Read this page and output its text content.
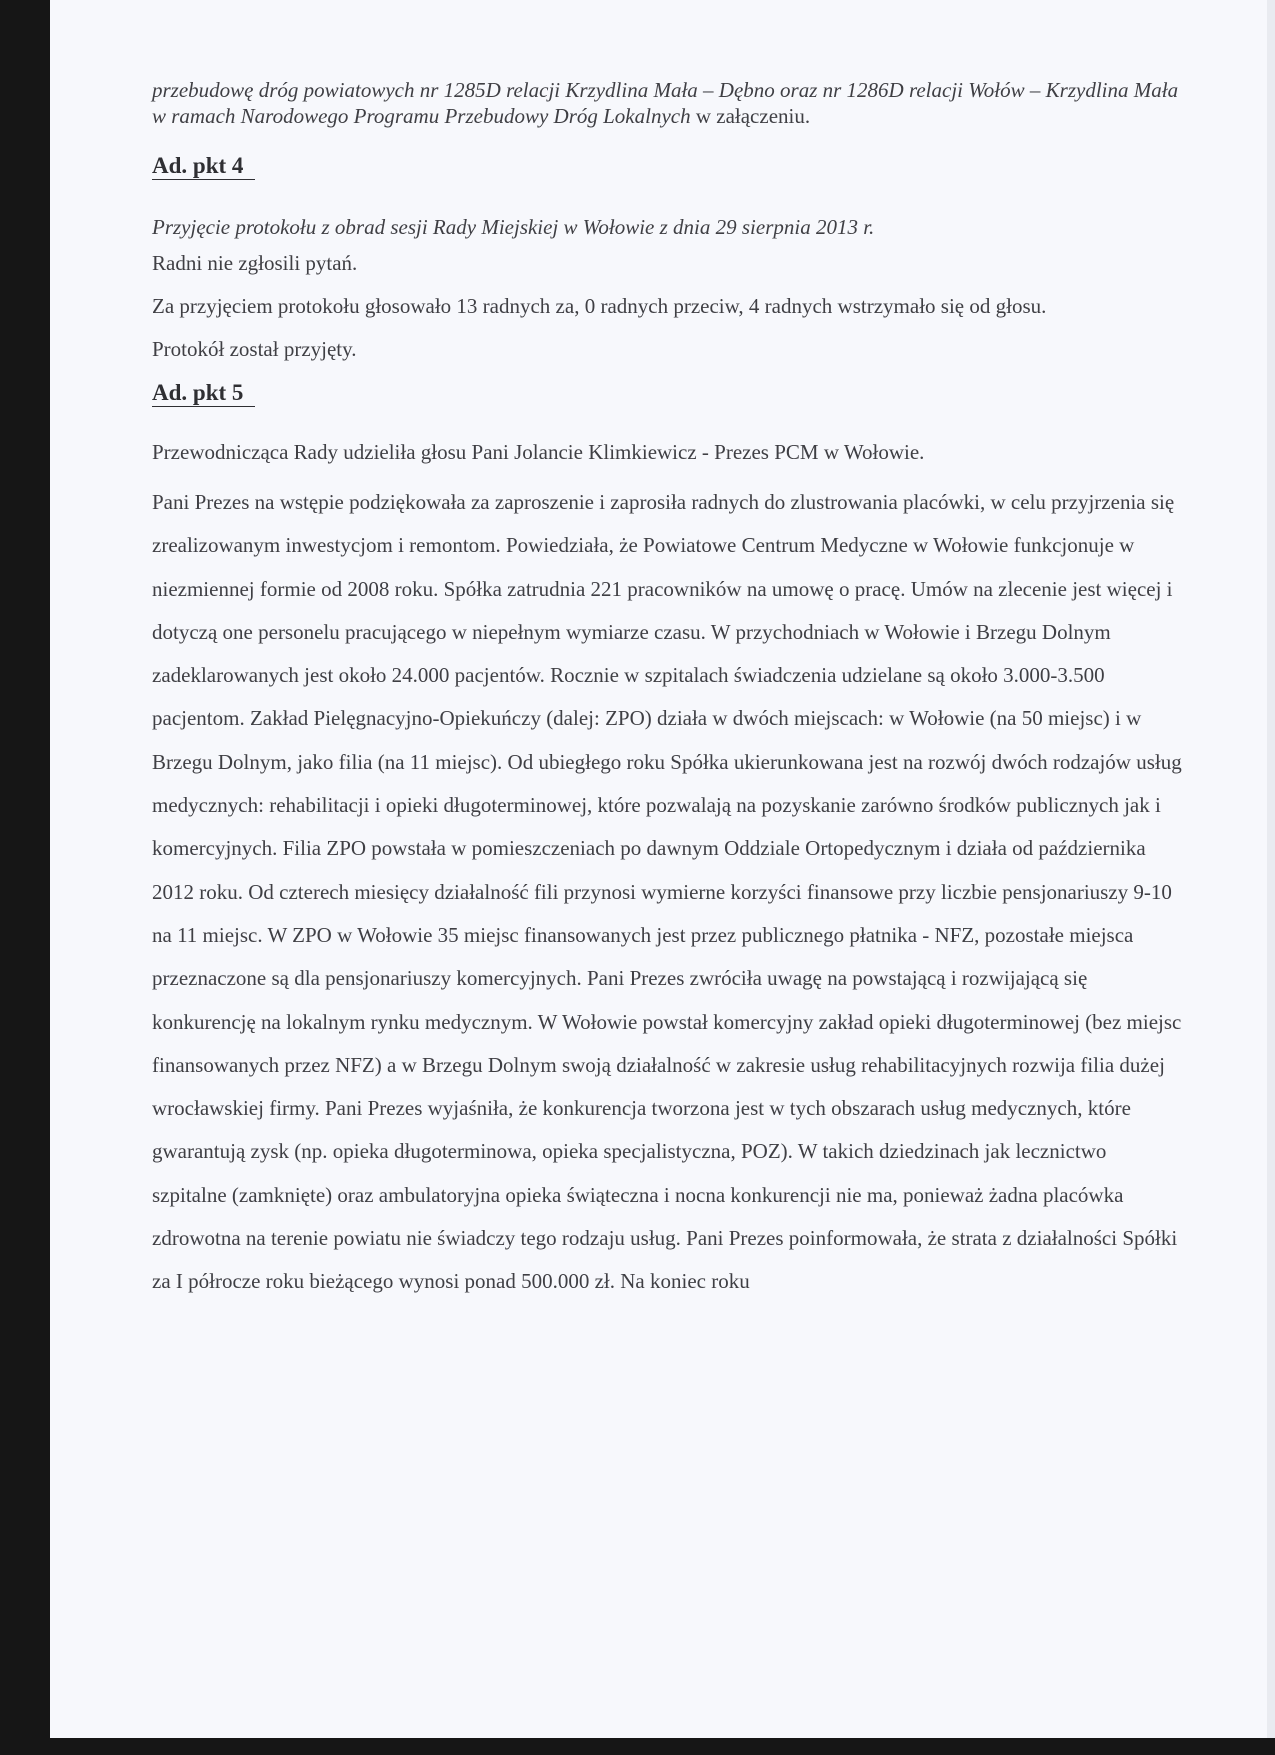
przebudowę dróg powiatowych nr 1285D relacji Krzydlina Mała – Dębno oraz nr 1286D relacji Wołów – Krzydlina Mała w ramach Narodowego Programu Przebudowy Dróg Lokalnych w załączeniu.

Ad. pkt 4

Przyjęcie protokołu z obrad sesji Rady Miejskiej w Wołowie z dnia 29 sierpnia 2013 r.

Radni nie zgłosili pytań.

Za przyjęciem protokołu głosowało 13 radnych za, 0 radnych przeciw, 4 radnych wstrzymało się od głosu.

Protokół został przyjęty.

Ad. pkt 5

Przewodnicząca Rady udzieliła głosu Pani Jolancie Klimkiewicz - Prezes PCM w Wołowie.

Pani Prezes na wstępie podziękowała za zaproszenie i zaprosiła radnych do zlustrowania placówki, w celu przyjrzenia się zrealizowanym inwestycjom i remontom. Powiedziała, że Powiatowe Centrum Medyczne w Wołowie funkcjonuje w niezmiennej formie od 2008 roku. Spółka zatrudnia 221 pracowników na umowę o pracę. Umów na zlecenie jest więcej i dotyczą one personelu pracującego w niepełnym wymiarze czasu. W przychodniach w Wołowie i Brzegu Dolnym zadeklarowanych jest około 24.000 pacjentów. Rocznie w szpitalach świadczenia udzielane są około 3.000-3.500 pacjentom. Zakład Pielęgnacyjno-Opiekuńczy (dalej: ZPO) działa w dwóch miejscach: w Wołowie (na 50 miejsc) i w Brzegu Dolnym, jako filia (na 11 miejsc). Od ubiegłego roku Spółka ukierunkowana jest na rozwój dwóch rodzajów usług medycznych: rehabilitacji i opieki długoterminowej, które pozwalają na pozyskanie zarówno środków publicznych jak i komercyjnych. Filia ZPO powstała w pomieszczeniach po dawnym Oddziale Ortopedycznym i działa od października 2012 roku. Od czterech miesięcy działalność fili przynosi wymierne korzyści finansowe przy liczbie pensjonariuszy 9-10 na 11 miejsc. W ZPO w Wołowie 35 miejsc finansowanych jest przez publicznego płatnika - NFZ, pozostałe miejsca przeznaczone są dla pensjonariuszy komercyjnych. Pani Prezes zwróciła uwagę na powstającą i rozwijającą się konkurencję na lokalnym rynku medycznym. W Wołowie powstał komercyjny zakład opieki długoterminowej (bez miejsc finansowanych przez NFZ) a w Brzegu Dolnym swoją działalność w zakresie usług rehabilitacyjnych rozwija filia dużej wrocławskiej firmy. Pani Prezes wyjaśniła, że konkurencja tworzona jest w tych obszarach usług medycznych, które gwarantują zysk (np. opieka długoterminowa, opieka specjalistyczna, POZ). W takich dziedzinach jak lecznictwo szpitalne (zamknięte) oraz ambulatoryjna opieka świąteczna i nocna konkurencji nie ma, ponieważ żadna placówka zdrowotna na terenie powiatu nie świadczy tego rodzaju usług. Pani Prezes poinformowała, że strata z działalności Spółki za I półrocze roku bieżącego wynosi ponad 500.000 zł. Na koniec roku
